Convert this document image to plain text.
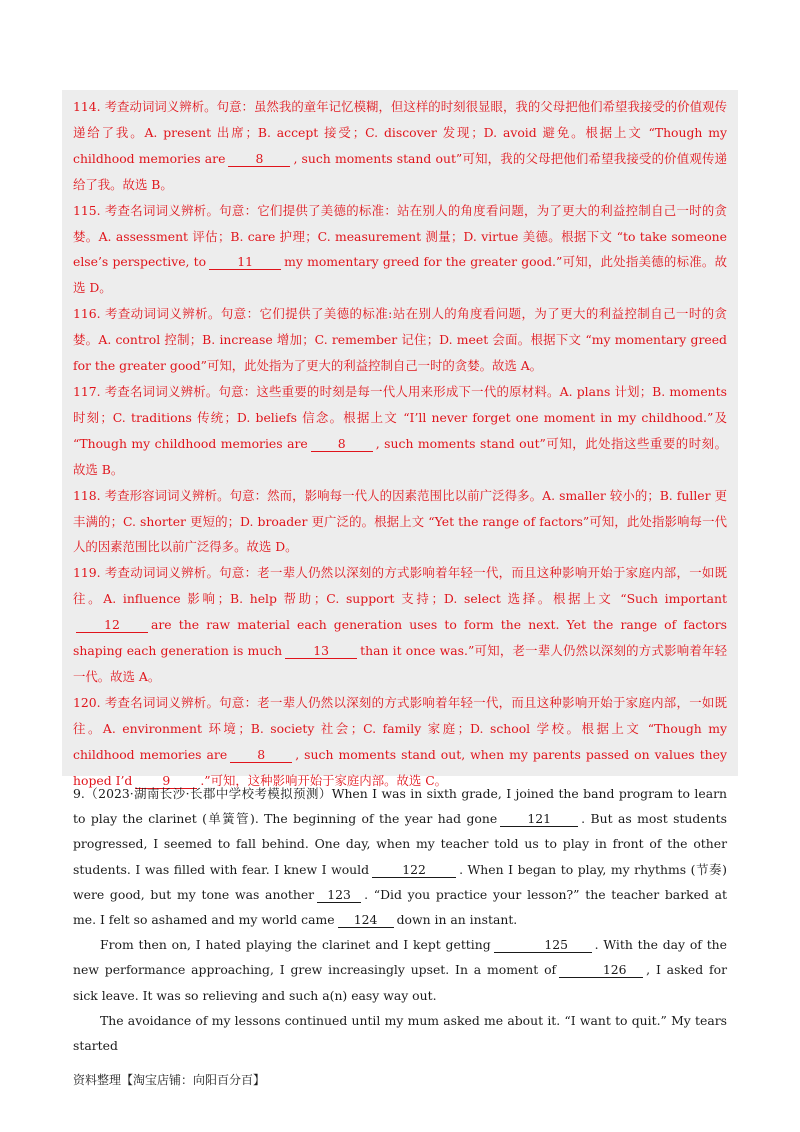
114. 考查动词词义辨析。句意：虽然我的童年记忆模糊，但这样的时刻很显眼，我的父母把他们希望我接受的价值观传递给了我。A. present 出席；B. accept 接受；C. discover 发现；D. avoid 避免。根据上文 “Though my childhood memories are 8 , such moments stand out”可知，我的父母把他们希望我接受的价值观传递给了我。故选 B。

115. 考查名词词义辨析。句意：它们提供了美德的标准：站在别人的角度看问题，为了更大的利益控制自己一时的贪婪。A. assessment 评估；B. care 护理；C. measurement 测量；D. virtue 美德。根据下文 “to take someone else’s perspective, to	11	my momentary greed for the greater good.”可知，此处指美德的标准。故选 D。

116. 考查动词词义辨析。句意：它们提供了美德的标准:站在别人的角度看问题，为了更大的利益控制自己一时的贪婪。A. control 控制；B. increase 增加；C. remember 记住；D. meet 会面。根据下文 “my momentary greed for the greater good”可知，此处指为了更大的利益控制自己一时的贪婪。故选 A。

117. 考查名词词义辨析。句意：这些重要的时刻是每一代人用来形成下一代的原材料。A. plans 计划；B. moments 时刻；C. traditions 传统；D. beliefs 信念。根据上文 “I’ll never forget one moment in my childhood.”及 “Though my childhood memories are 8 , such moments stand out”可知，此处指这些重要的时刻。故选 B。

118. 考查形容词词义辨析。句意：然而，影响每一代人的因素范围比以前广泛得多。A. smaller 较小的；B. fuller 更丰满的；C. shorter 更短的；D. broader 更广泛的。根据上文 “Yet the range of factors”可知，此处指影响每一代人的因素范围比以前广泛得多。故选 D。

119. 考查动词词义辨析。句意：老一辈人仍然以深刻的方式影响着年轻一代，而且这种影响开始于家庭内部，一如既往。A. influence 影响；B. help 帮助；C. support 支持；D. select 选择。根据上文 “Such important12	are the raw material each generation uses to form the next. Yet the range of factors shaping each generation is much	13	than it once was.”可知，老一辈人仍然以深刻的方式影响着年轻一代。故选 A。

120. 考查名词词义辨析。句意：老一辈人仍然以深刻的方式影响着年轻一代，而且这种影响开始于家庭内部，一如既往。A. environment 环境；B. society 社会；C. family 家庭；D. school 学校。根据上文 “Though my childhood memories are 8 , such moments stand out, when my parents passed on values they hoped I’d 9 .”可知，这种影响开始于家庭内部。故选 C。

9.（2023·湖南长沙·长郡中学校考模拟预测）When I was in sixth grade, I joined the band program to learn to play the clarinet (单簧管). The beginning of the year had gone 121 . But as most students progressed, I seemed to fall behind. One day, when my teacher told us to play in front of the other students. I was filled with fear. I knew I would	122	. When I began to play, my rhythms (节奏) were good, but my tone was another 123 . “Did you practice your lesson?” the teacher barked at me. I felt so ashamed and my world came 124 down in an instant.

From then on, I hated playing the clarinet and I kept getting	125 . With the day of the new performance approaching, I grew increasingly upset. In a moment of	126 , I asked for sick leave. It was so relieving and such a(n) easy way out.

The avoidance of my lessons continued until my mum asked me about it. “I want to quit.” My tears started

资料整理【淘宝店铺：向阳百分百】
